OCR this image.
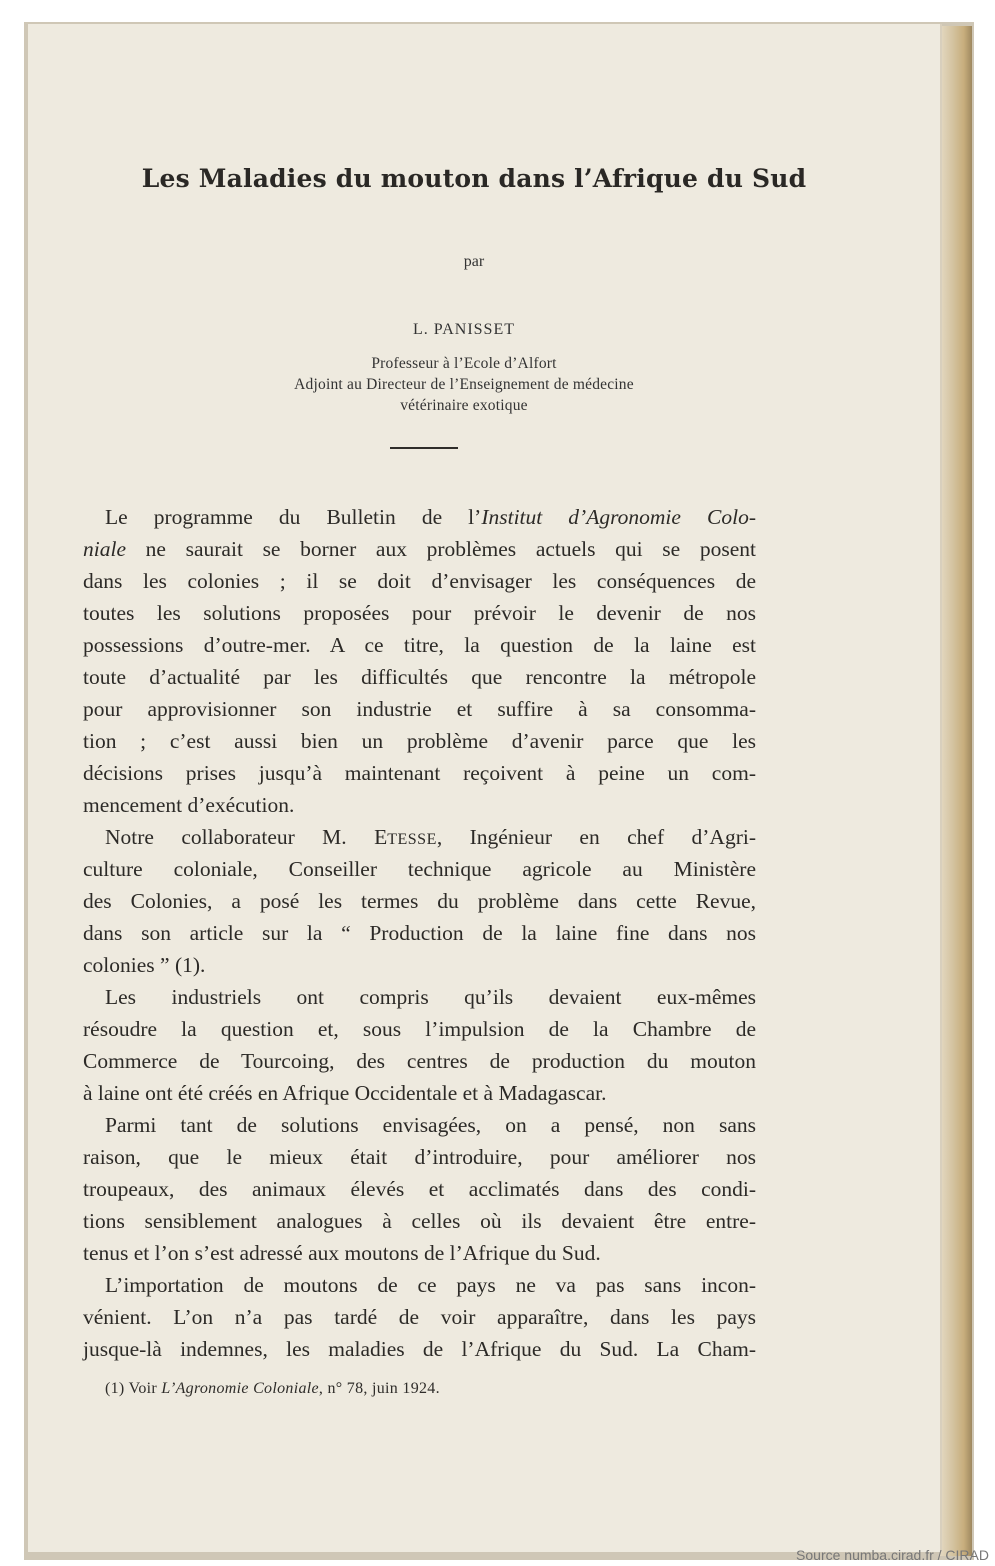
Les Maladies du mouton dans l’Afrique du Sud
par
L. PANISSET
Professeur à l’Ecole d’Alfort
Adjoint au Directeur de l’Enseignement de médecine
vétérinaire exotique
Le programme du Bulletin de l’Institut d’Agronomie Colo-
niale ne saurait se borner aux problèmes actuels qui se posent
dans les colonies ; il se doit d’envisager les conséquences de
toutes les solutions proposées pour prévoir le devenir de nos
possessions d’outre-mer. A ce titre, la question de la laine est
toute d’actualité par les difficultés que rencontre la métropole
pour approvisionner son industrie et suffire à sa consomma-
tion ; c’est aussi bien un problème d’avenir parce que les
décisions prises jusqu’à maintenant reçoivent à peine un com-
mencement d’exécution.
Notre collaborateur M. ETESSE, Ingénieur en chef d’Agri-
culture coloniale, Conseiller technique agricole au Ministère
des Colonies, a posé les termes du problème dans cette Revue,
dans son article sur la “ Production de la laine fine dans nos
colonies ” (1).
Les industriels ont compris qu’ils devaient eux-mêmes
résoudre la question et, sous l’impulsion de la Chambre de
Commerce de Tourcoing, des centres de production du mouton
à laine ont été créés en Afrique Occidentale et à Madagascar.
Parmi tant de solutions envisagées, on a pensé, non sans
raison, que le mieux était d’introduire, pour améliorer nos
troupeaux, des animaux élevés et acclimatés dans des condi-
tions sensiblement analogues à celles où ils devaient être entre-
tenus et l’on s’est adressé aux moutons de l’Afrique du Sud.
L’importation de moutons de ce pays ne va pas sans incon-
vénient. L’on n’a pas tardé de voir apparaître, dans les pays
jusque-là indemnes, les maladies de l’Afrique du Sud. La Cham-
(1) Voir L’Agronomie Coloniale, n° 78, juin 1924.
Source numba.cirad.fr / CIRAD
